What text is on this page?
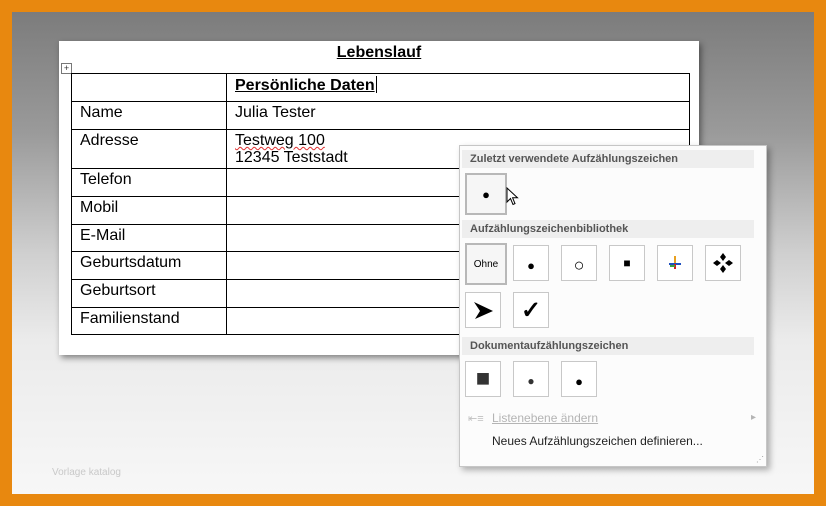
Vorlage katalog
Lebenslauf
+
	Persönliche Daten
Name	Julia Tester
Adresse	Testweg 100
12345 Teststadt
Telefon	
Mobil	
E-Mail	
Geburtsdatum	
Geburtsort	
Familienstand	
Zuletzt verwendete Aufzählungszeichen
●
Aufzählungszeichenbibliothek
Ohne ● ○	■
✓
Dokumentaufzählungszeichen
■	●	●
⇤≡ Listenebene ändern	▸
Neues Aufzählungszeichen definieren...
⋰
